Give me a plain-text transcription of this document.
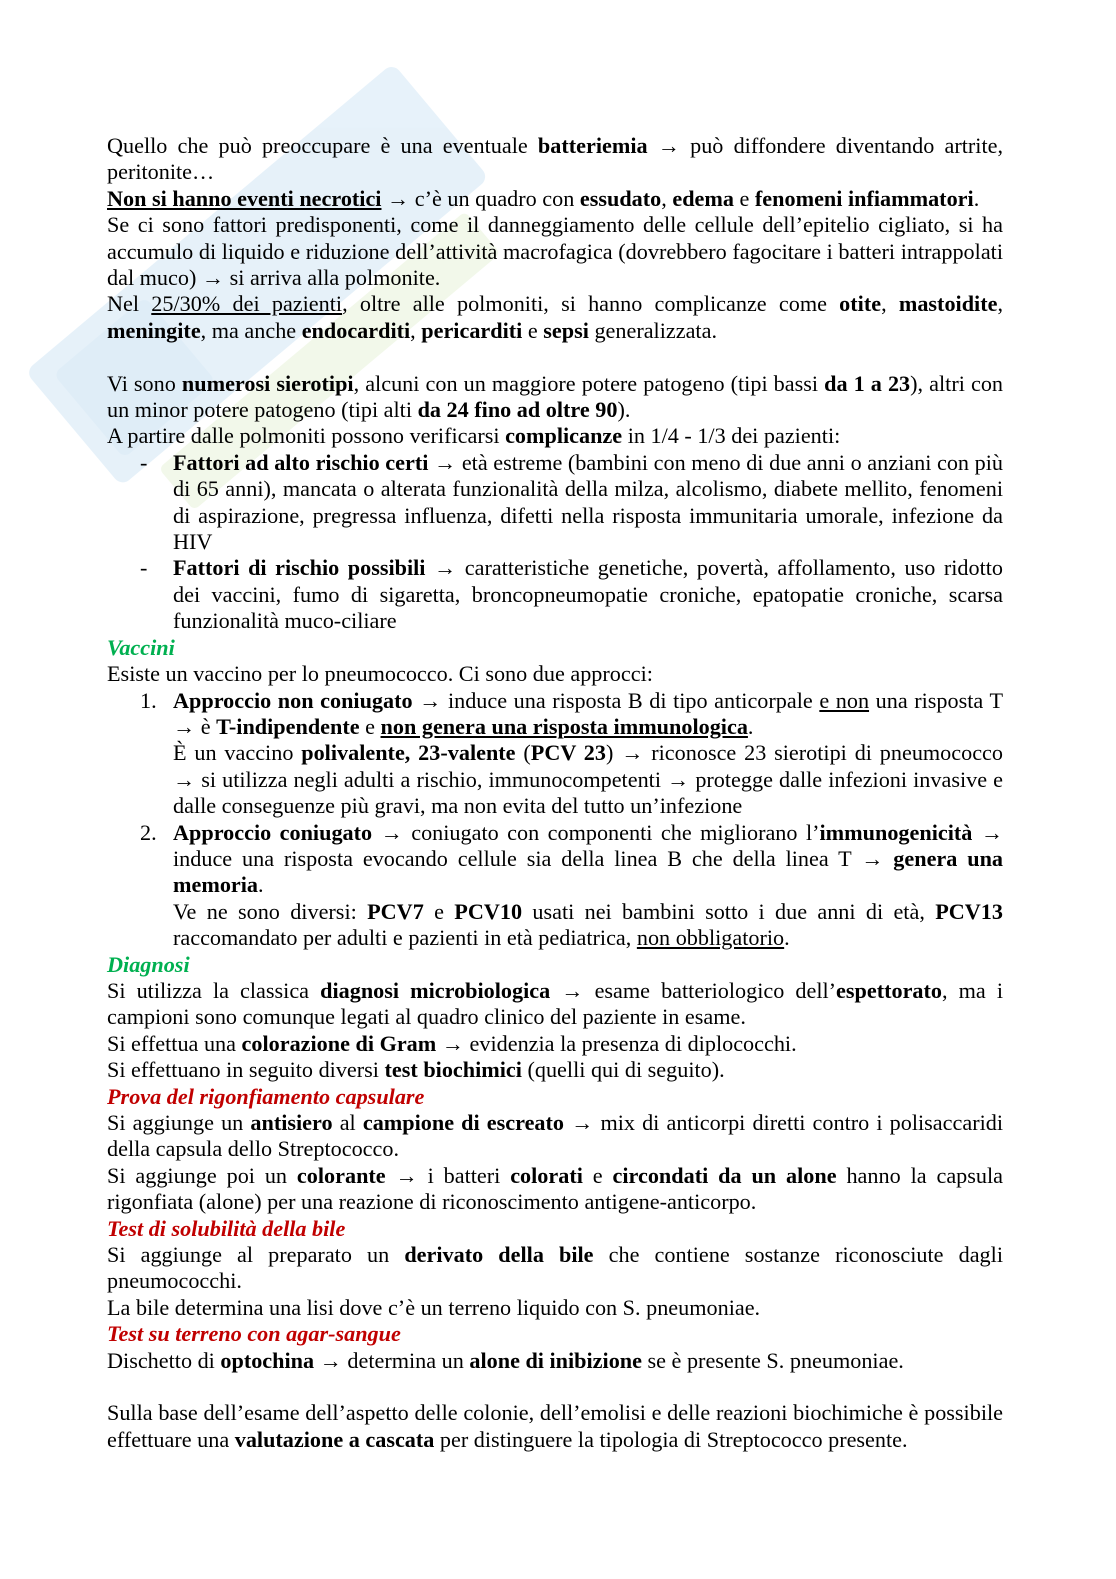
Quello che può preoccupare è una eventuale batteriemia → può diffondere diventando artrite, peritonite…
Non si hanno eventi necrotici → c’è un quadro con essudato, edema e fenomeni infiammatori.
Se ci sono fattori predisponenti, come il danneggiamento delle cellule dell’epitelio cigliato, si ha accumulo di liquido e riduzione dell’attività macrofagica (dovrebbero fagocitare i batteri intrappolati dal muco) → si arriva alla polmonite.
Nel 25/30% dei pazienti, oltre alle polmoniti, si hanno complicanze come otite, mastoidite, meningite, ma anche endocarditi, pericarditi e sepsi generalizzata.
Vi sono numerosi sierotipi, alcuni con un maggiore potere patogeno (tipi bassi da 1 a 23), altri con un minor potere patogeno (tipi alti da 24 fino ad oltre 90).
A partire dalle polmoniti possono verificarsi complicanze in 1/4 - 1/3 dei pazienti:
- Fattori ad alto rischio certi → età estreme (bambini con meno di due anni o anziani con più di 65 anni), mancata o alterata funzionalità della milza, alcolismo, diabete mellito, fenomeni di aspirazione, pregressa influenza, difetti nella risposta immunitaria umorale, infezione da HIV
- Fattori di rischio possibili → caratteristiche genetiche, povertà, affollamento, uso ridotto dei vaccini, fumo di sigaretta, broncopneumopatie croniche, epatopatie croniche, scarsa funzionalità muco-ciliare
Vaccini
Esiste un vaccino per lo pneumococco. Ci sono due approcci:
1. Approccio non coniugato → induce una risposta B di tipo anticorpale e non una risposta T → è T-indipendente e non genera una risposta immunologica.
È un vaccino polivalente, 23-valente (PCV 23) → riconosce 23 sierotipi di pneumococco → si utilizza negli adulti a rischio, immunocompetenti → protegge dalle infezioni invasive e dalle conseguenze più gravi, ma non evita del tutto un’infezione
2. Approccio coniugato → coniugato con componenti che migliorano l’immunogenicità → induce una risposta evocando cellule sia della linea B che della linea T → genera una memoria.
Ve ne sono diversi: PCV7 e PCV10 usati nei bambini sotto i due anni di età, PCV13 raccomandato per adulti e pazienti in età pediatrica, non obbligatorio.
Diagnosi
Si utilizza la classica diagnosi microbiologica → esame batteriologico dell’espettorato, ma i campioni sono comunque legati al quadro clinico del paziente in esame.
Si effettua una colorazione di Gram → evidenzia la presenza di diplococchi.
Si effettuano in seguito diversi test biochimici (quelli qui di seguito).
Prova del rigonfiamento capsulare
Si aggiunge un antisiero al campione di escreato → mix di anticorpi diretti contro i polisaccaridi della capsula dello Streptococco.
Si aggiunge poi un colorante → i batteri colorati e circondati da un alone hanno la capsula rigonfiata (alone) per una reazione di riconoscimento antigene-anticorpo.
Test di solubilità della bile
Si aggiunge al preparato un derivato della bile che contiene sostanze riconosciute dagli pneumococchi.
La bile determina una lisi dove c’è un terreno liquido con S. pneumoniae.
Test su terreno con agar-sangue
Dischetto di optochina → determina un alone di inibizione se è presente S. pneumoniae.
Sulla base dell’esame dell’aspetto delle colonie, dell’emolisi e delle reazioni biochimiche è possibile effettuare una valutazione a cascata per distinguere la tipologia di Streptococco presente.
